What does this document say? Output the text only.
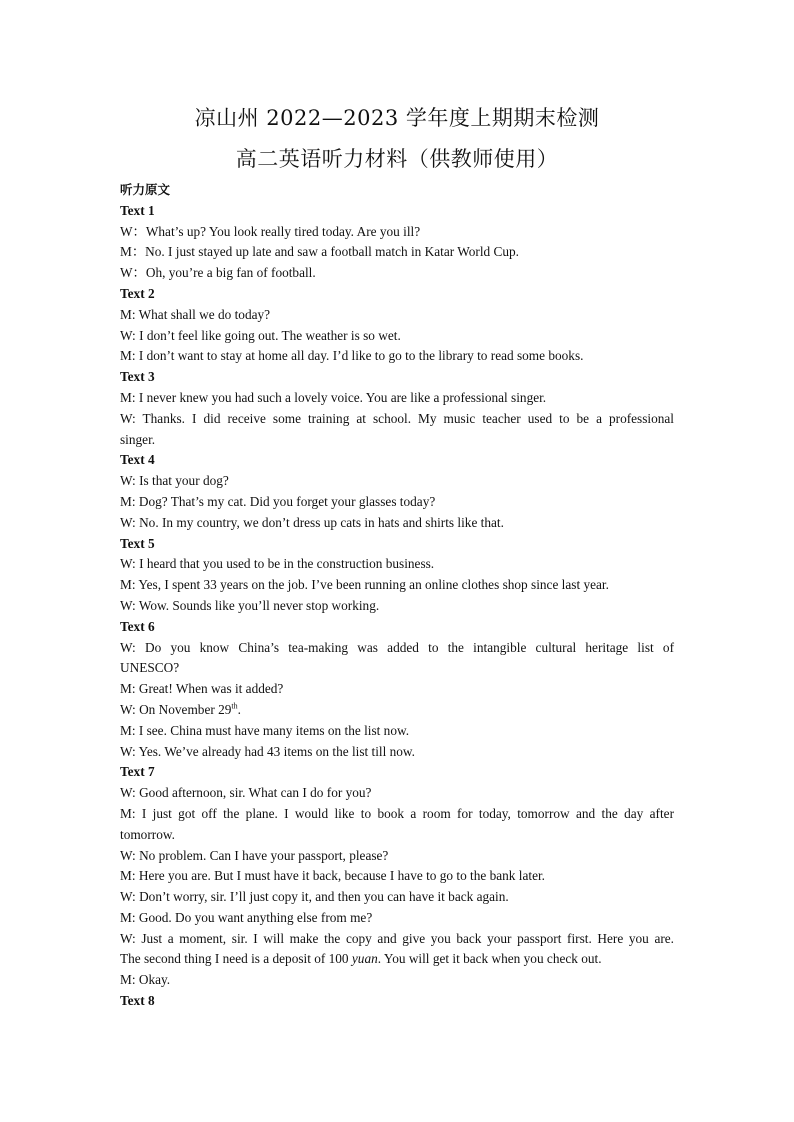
凉山州 2022—2023 学年度上期期末检测
高二英语听力材料（供教师使用）
听力原文
Text 1
W：What’s up? You look really tired today. Are you ill?
M：No. I just stayed up late and saw a football match in Katar World Cup.
W：Oh, you’re a big fan of football.
Text 2
M: What shall we do today?
W: I don’t feel like going out. The weather is so wet.
M: I don’t want to stay at home all day. I’d like to go to the library to read some books.
Text 3
M: I never knew you had such a lovely voice. You are like a professional singer.
W: Thanks. I did receive some training at school. My music teacher used to be a professional
singer.
Text 4
W: Is that your dog?
M: Dog? That’s my cat. Did you forget your glasses today?
W: No. In my country, we don’t dress up cats in hats and shirts like that.
Text 5
W: I heard that you used to be in the construction business.
M: Yes, I spent 33 years on the job. I’ve been running an online clothes shop since last year.
W: Wow. Sounds like you’ll never stop working.
Text 6
W: Do you know China’s tea-making was added to the intangible cultural heritage list of
UNESCO?
M: Great! When was it added?
W: On November 29th.
M: I see. China must have many items on the list now.
W: Yes. We’ve already had 43 items on the list till now.
Text 7
W: Good afternoon, sir. What can I do for you?
M: I just got off the plane. I would like to book a room for today, tomorrow and the day after
tomorrow.
W: No problem. Can I have your passport, please?
M: Here you are. But I must have it back, because I have to go to the bank later.
W: Don’t worry, sir. I’ll just copy it, and then you can have it back again.
M: Good. Do you want anything else from me?
W: Just a moment, sir. I will make the copy and give you back your passport first. Here you are.
The second thing I need is a deposit of 100 yuan. You will get it back when you check out.
M: Okay.
Text 8
